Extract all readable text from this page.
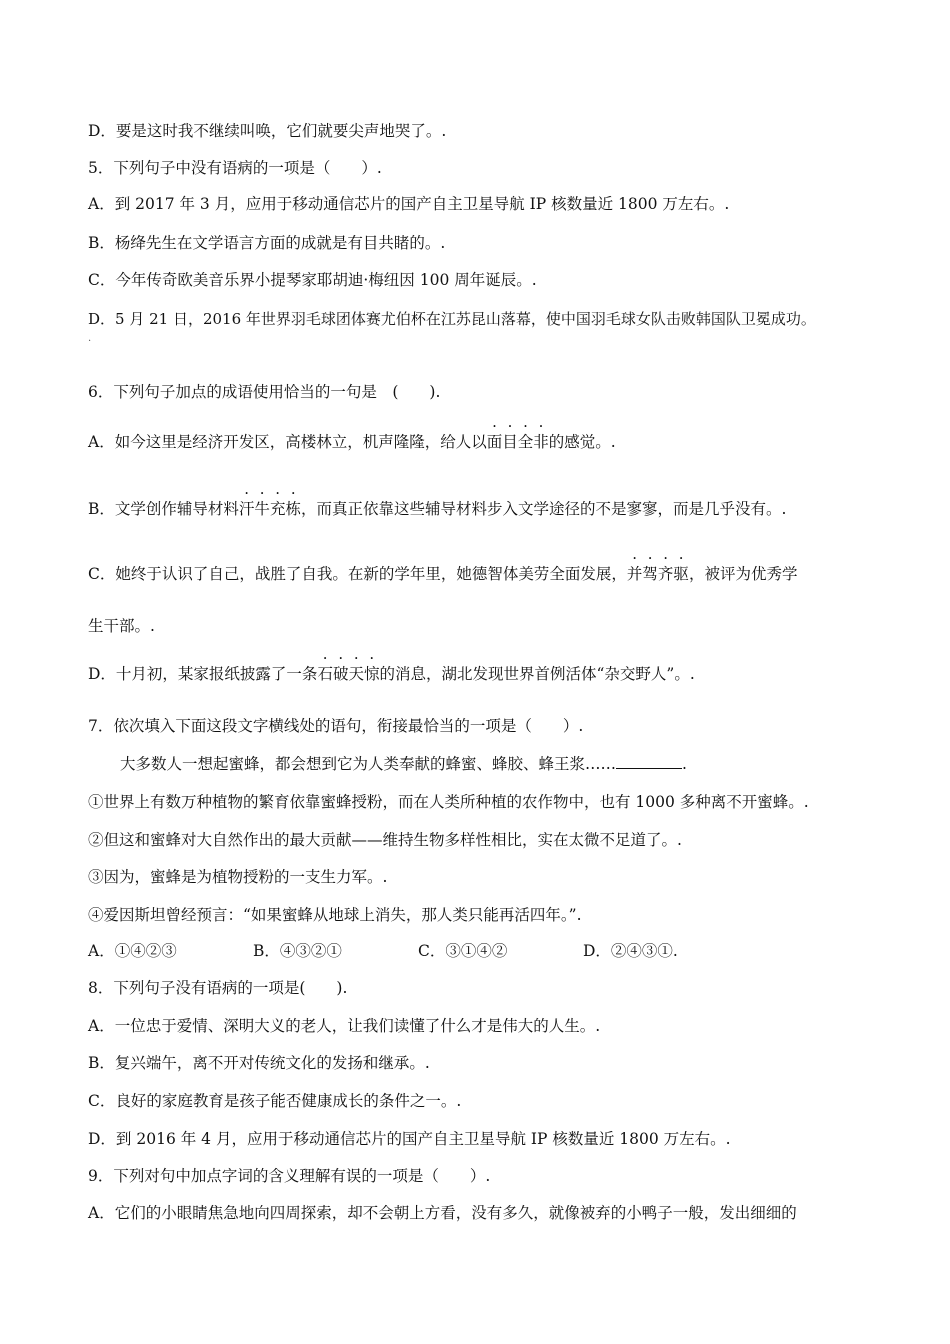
D．要是这时我不继续叫唤，它们就要尖声地哭了。.
5．下列句子中没有语病的一项是（　　）.
A．到 2017 年 3 月，应用于移动通信芯片的国产自主卫星导航 IP 核数量近 1800 万左右。.
B．杨绛先生在文学语言方面的成就是有目共睹的。.
C．今年传奇欧美音乐界小提琴家耶胡迪·梅纽因 100 周年诞辰。.
D．5 月 21 日，2016 年世界羽毛球团体赛尤伯杯在江苏昆山落幕，使中国羽毛球女队击败韩国队卫冕成功。
.
6．下列句子加点的成语使用恰当的一句是　(　　).
A．如今这里是经济开发区，高楼林立，机声隆隆，给人以面目全非的感觉。.
B．文学创作辅导材料汗牛充栋，而真正依靠这些辅导材料步入文学途径的不是寥寥，而是几乎没有。.
C．她终于认识了自己，战胜了自我。在新的学年里，她德智体美劳全面发展，并驾齐驱，被评为优秀学
生干部。.
D．十月初，某家报纸披露了一条石破天惊的消息，湖北发现世界首例活体“杂交野人”。.
7．依次填入下面这段文字横线处的语句，衔接最恰当的一项是（　　）.
大多数人一想起蜜蜂，都会想到它为人类奉献的蜂蜜、蜂胶、蜂王浆……	.
①世界上有数万种植物的繁育依靠蜜蜂授粉，而在人类所种植的农作物中，也有 1000 多种离不开蜜蜂。.
②但这和蜜蜂对大自然作出的最大贡献——维持生物多样性相比，实在太微不足道了。.
③因为，蜜蜂是为植物授粉的一支生力军。.
④爱因斯坦曾经预言：“如果蜜蜂从地球上消失，那人类只能再活四年。”.
A．①④②③	B．④③②①	C．③①④②	D．②④③①.
8．下列句子没有语病的一项是(　　).
A．一位忠于爱情、深明大义的老人，让我们读懂了什么才是伟大的人生。.
B．复兴端午，离不开对传统文化的发扬和继承。.
C．良好的家庭教育是孩子能否健康成长的条件之一。.
D．到 2016 年 4 月，应用于移动通信芯片的国产自主卫星导航 IP 核数量近 1800 万左右。.
9．下列对句中加点字词的含义理解有误的一项是（　　）.
A．它们的小眼睛焦急地向四周探索，却不会朝上方看，没有多久，就像被弃的小鸭子一般，发出细细的
